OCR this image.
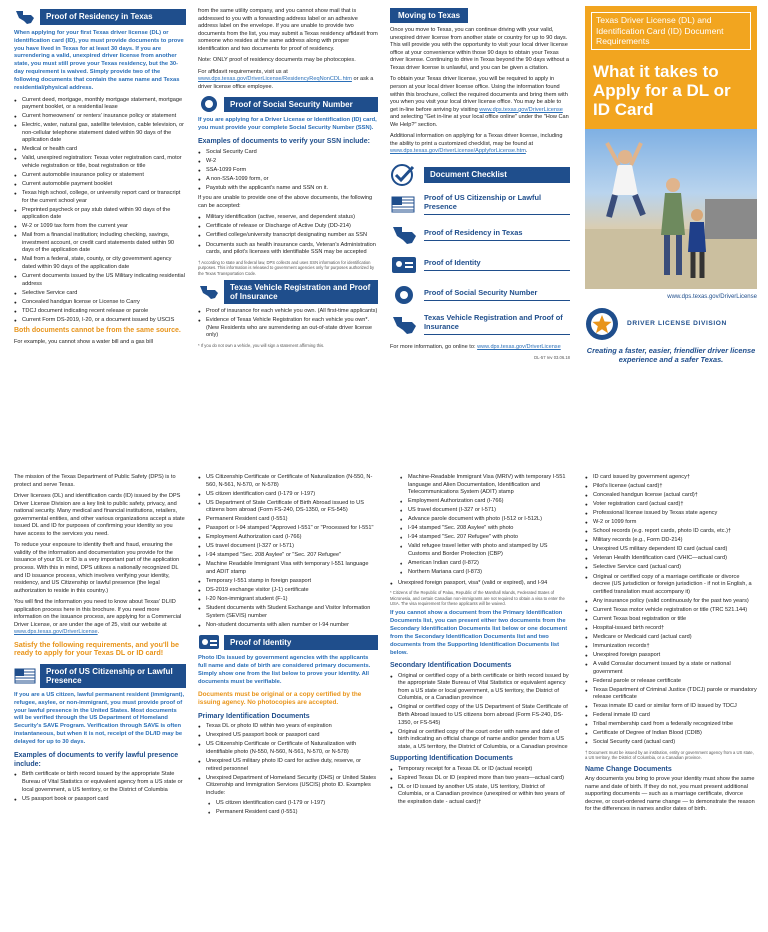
Proof of Residency in Texas

When applying for your first Texas driver license (DL) or identification card (ID), you must provide documents to prove you have lived in Texas for at least 30 days. If you are surrendering a valid, unexpired driver license from another state, you must still prove your Texas residency, but the 30-day requirement is waived. Simply provide two of the following documents that contain the same name and Texas residential/physical address.

● Current deed, mortgage, monthly mortgage statement, mortgage payment booklet, or a residential lease
● Current homeowners' or renters' insurance policy or statement
● Electric, water, natural gas, satellite television, cable television, or non-cellular telephone statement dated within 90 days of the application date
● Medical or health card
● Valid, unexpired registration: Texas voter registration card, motor vehicle registration or title, boat registration or title
● Current automobile insurance policy or statement
● Current automobile payment booklet
● Texas high school, college, or university report card or transcript for the current school year
● Preprinted paycheck or pay stub dated within 90 days of the application date
● W-2 or 1099 tax form from the current year
● Mail from a financial institution; including checking, savings, investment account, or credit card statements dated within 90 days of the application date
● Mail from a federal, state, county, or city government agency dated within 90 days of the application date
● Current documents issued by the US Military indicating residential address
● Selective Service card
● Concealed handgun license or License to Carry
● TDCJ document indicating recent release or parole
● Current Form DS-2019, I-20, or a document issued by USCIS

Both documents cannot be from the same source.

For example, you cannot show a water bill and a gas bill

from the same utility company, and you cannot show mail that is addressed to you with a forwarding address label or an adhesive address label on the envelope. If you are unable to provide two documents from the list, you may submit a Texas residency affidavit from someone who resides at the same address along with proper identification and two documents for proof of residency.

Note: ONLY proof of residency documents may be photocopies.

For affidavit requirements, visit us at www.dps.texas.gov/DriverLicense/ResidencyReqNonCDL.htm or ask a driver license office employee.

Proof of Social Security Number

If you are applying for a Driver License or Identification (ID) card, you must provide your complete Social Security Number (SSN).

Examples of documents to verify your SSN include:
● Social Security Card
● W-2
● SSA-1099 Form
● A non-SSA-1099 form, or
● Paystub with the applicant's name and SSN on it.

If you are unable to provide one of the above documents, the following can be accepted:

● Military identification (active, reserve, and dependent status)
● Certificate of release or Discharge of Active Duty (DD-214)
● Certified college/university transcript designating number as SSN
● Documents such as health insurance cards, Veteran's Administration cards, and pilot's licenses with identifiable SSN may be accepted

† According to state and federal law, DPS collects and uses SSN information for identification purposes. This information is released to government agencies only for purposes authorized by the Texas Transportation Code.

Texas Vehicle Registration and Proof of Insurance
● Proof of insurance for each vehicle you own. (All first-time applicants)
● Evidence of Texas Vehicle Registration for each vehicle you own*. (New Residents who are surrendering an out-of-state driver license only)

* If you do not own a vehicle, you will sign a statement affirming this.

Moving to Texas

Once you move to Texas, you can continue driving with your valid, unexpired driver license from another state or country for up to 90 days. This will provide you with the opportunity to visit your local driver license office at your convenience within those 90 days to obtain your Texas driver license. Continuing to drive in Texas beyond the 90 days without a Texas driver license is unlawful, and you can be given a citation.

To obtain your Texas driver license, you will be required to apply in person at your local driver license office. Using the information found within this brochure, collect the required documents and bring them with you when you visit your local driver license office. You may be able to get in-line before arriving by visiting www.dps.texas.gov/DriverLicense and selecting "Get in-line at your local office online" under the "How Can We Help?" section.

Additional information on applying for a Texas driver license, including the ability to print a customized checklist, may be found at www.dps.texas.gov/DriverLicense/ApplyforLicense.htm.

Document Checklist
Proof of US Citizenship or Lawful Presence
Proof of Residency in Texas
Proof of Identity
Proof of Social Security Number
Texas Vehicle Registration and Proof of Insurance

For more information, go online to: www.dps.texas.gov/DriverLicense

DL-57 rev 03.06.18

Texas Driver License (DL) and Identification Card (ID) Document Requirements
What it takes to Apply for a DL or ID Card

www.dps.texas.gov/DriverLicense

DRIVER LICENSE DIVISION
Creating a faster, easier, friendlier driver license experience and a safer Texas.

The mission of the Texas Department of Public Safety (DPS) is to protect and serve Texas.

Driver licenses (DL) and identification cards (ID) issued by the DPS Driver License Division are a key link to public safety, privacy, and national security. Many medical and financial institutions, retailers, governmental entities, and other various organizations accept a state issued DL and ID for purposes of confirming your identity so you have access to the services you need.

To reduce your exposure to identity theft and fraud, ensuring the validity of the information and documentation you provide for the issuance of your DL or ID is a very important part of the application process. With this in mind, DPS utilizes a nationally recognized DL and ID issuance process, which involves verifying your identity, residency, and US Citizenship or lawful presence (the legal authorization to reside in this country.)

You will find the information you need to know about Texas' DL/ID application process here in this brochure. If you need more information on the issuance process, are applying for a Commercial Driver License, or are under the age of 25, visit our website at www.dps.texas.gov/DriverLicense.

Satisfy the following requirements, and you'll be ready to apply for your Texas DL or ID card!

Proof of US Citizenship or Lawful Presence

If you are a US citizen, lawful permanent resident (immigrant), refugee, asylee, or non-immigrant, you must provide proof of your lawful presence in the United States. Most documents will be verified through the US Department of Homeland Security's SAVE Program. Verification through SAVE is often instantaneous, but when it is not, receipt of the DL/ID may be delayed for up to 30 days.

Examples of documents to verify lawful presence include:
● Birth certificate or birth record issued by the appropriate State Bureau of Vital Statistics or equivalent agency from a US state or local government, a US territory, or the District of Columbia
● US passport book or passport card
● US Citizenship Certificate or Certificate of Naturalization (N-550, N-560, N-561, N-570, or N-578)
● US citizen identification card (I-179 or I-197)
● US Department of State Certificate of Birth Abroad issued to US citizens born abroad (Form FS-240, DS-1350, or FS-545)
● Permanent Resident card (I-551)
● Passport or I-94 stamped "Approved I-551" or "Processed for I-551"
● Employment Authorization card (I-766)
● US travel document (I-327 or I-571)
● I-94 stamped "Sec. 208 Asylee" or "Sec. 207 Refugee"
● Machine Readable Immigrant Visa with temporary I-551 language and ADIT stamp
● Temporary I-551 stamp in foreign passport
● DS-2019 exchange visitor (J-1) certificate
● I-20 Non-immigrant student (F-1)
● Student documents with Student Exchange and Visitor Information System (SEVIS) number
● Non-student documents with alien number or I-94 number
Proof of Identity

Photo IDs issued by government agencies with the applicants full name and date of birth are considered primary documents. Simply show one from the list below to prove your identity. All documents must be verifiable.

Documents must be original or a copy certified by the issuing agency. No photocopies are accepted.

Primary Identification Documents
● Texas DL or photo ID within two years of expiration
● Unexpired US passport book or passport card
● US Citizenship Certificate or Certificate of Naturalization with identifiable photo (N-550, N-560, N-561, N-570, or N-578)
● Unexpired US military photo ID card for active duty, reserve, or retired personnel
● Unexpired Department of Homeland Security (DHS) or United States Citizenship and Immigration Services (USCIS) photo ID. Examples include:
♦ US citizen identification card (I-179 or I-197)
♦ Permanent Resident card (I-551)
♦ Machine-Readable Immigrant Visa (MRIV) with temporary I-551 language and Alien Documentation, Identification and Telecommunications System (ADIT) stamp
♦ Employment Authorization card (I-766)
♦ US travel document (I-327 or I-571)
♦ Advance parole document with photo (I-512 or I-512L)
♦ I-94 stamped "Sec. 208 Asylee" with photo
♦ I-94 stamped "Sec. 207 Refugee" with photo
♦ Valid refugee travel letter with photo and stamped by US Customs and Border Protection (CBP)
♦ American Indian card (I-872)
♦ Northern Mariana card (I-873)
● Unexpired foreign passport, visa* (valid or expired), and I-94

* Citizens of the Republic of Palau, Republic of the Marshall Islands, Federated States of Micronesia, and certain Canadian non-immigrants are not required to obtain a visa to enter the USA. The visa requirement for these applicants will be waived.

If you cannot show a document from the Primary Identification Documents list, you can present either two documents from the Secondary Identification Documents list below or one document from the Secondary Identification Documents list and two documents from the Supporting Identification Documents list below.

Secondary Identification Documents
● Original or certified copy of a birth certificate or birth record issued by the appropriate State Bureau of Vital Statistics or equivalent agency from a US state or local government, a US territory, the District of Columbia, or a Canadian province
● Original or certified copy of the US Department of State Certificate of Birth Abroad issued to US citizens born abroad (Form FS-240, DS-1350, or FS-545)
● Original or certified copy of the court order with name and date of birth indicating an official change of name and/or gender from a US state, a US territory, the District of Columbia, or a Canadian province
Supporting Identification Documents
● Temporary receipt for a Texas DL or ID (actual receipt)
● Expired Texas DL or ID (expired more than two years—actual card)
● DL or ID issued by another US state, US territory, District of Columbia, or a Canadian province (unexpired or within two years of the expiration date - actual card)†
● ID card issued by government agency†
● Pilot's license (actual card)†
● Concealed handgun license (actual card)†
● Voter registration card (actual card)†
● Professional license issued by Texas state agency
● W-2 or 1099 form
● School records (e.g. report cards, photo ID cards, etc.)†
● Military records (e.g., Form DD-214)
● Unexpired US military dependent ID card (actual card)
● Veteran Health Identification card (VHIC—actual card)
● Selective Service card (actual card)
● Original or certified copy of a marriage certificate or divorce decree (US jurisdiction or foreign jurisdiction - if not in English, a certified translation must accompany it)
● Any insurance policy (valid continuously for the past two years)
● Current Texas motor vehicle registration or title (TRC 521.144)
● Current Texas boat registration or title
● Hospital-issued birth record†
● Medicare or Medicaid card (actual card)
● Immunization records†
● Unexpired foreign passport
● A valid Consular document issued by a state or national government
● Federal parole or release certificate
● Texas Department of Criminal Justice (TDCJ) parole or mandatory release certificate
● Texas inmate ID card or similar form of ID issued by TDCJ
● Federal inmate ID card
● Tribal membership card from a federally recognized tribe
● Certificate of Degree of Indian Blood (CDIB)
● Social Security card (actual card)

† Document must be issued by an institution, entity or government agency from a US state, a US territory, the District of Columbia, or a Canadian province.

Name Change Documents

Any documents you bring to prove your identity must show the same name and date of birth. If they do not, you must present additional supporting documents — such as a marriage certificate, divorce decree, or court-ordered name change — to demonstrate the reason for the differences in names and/or dates of birth.
